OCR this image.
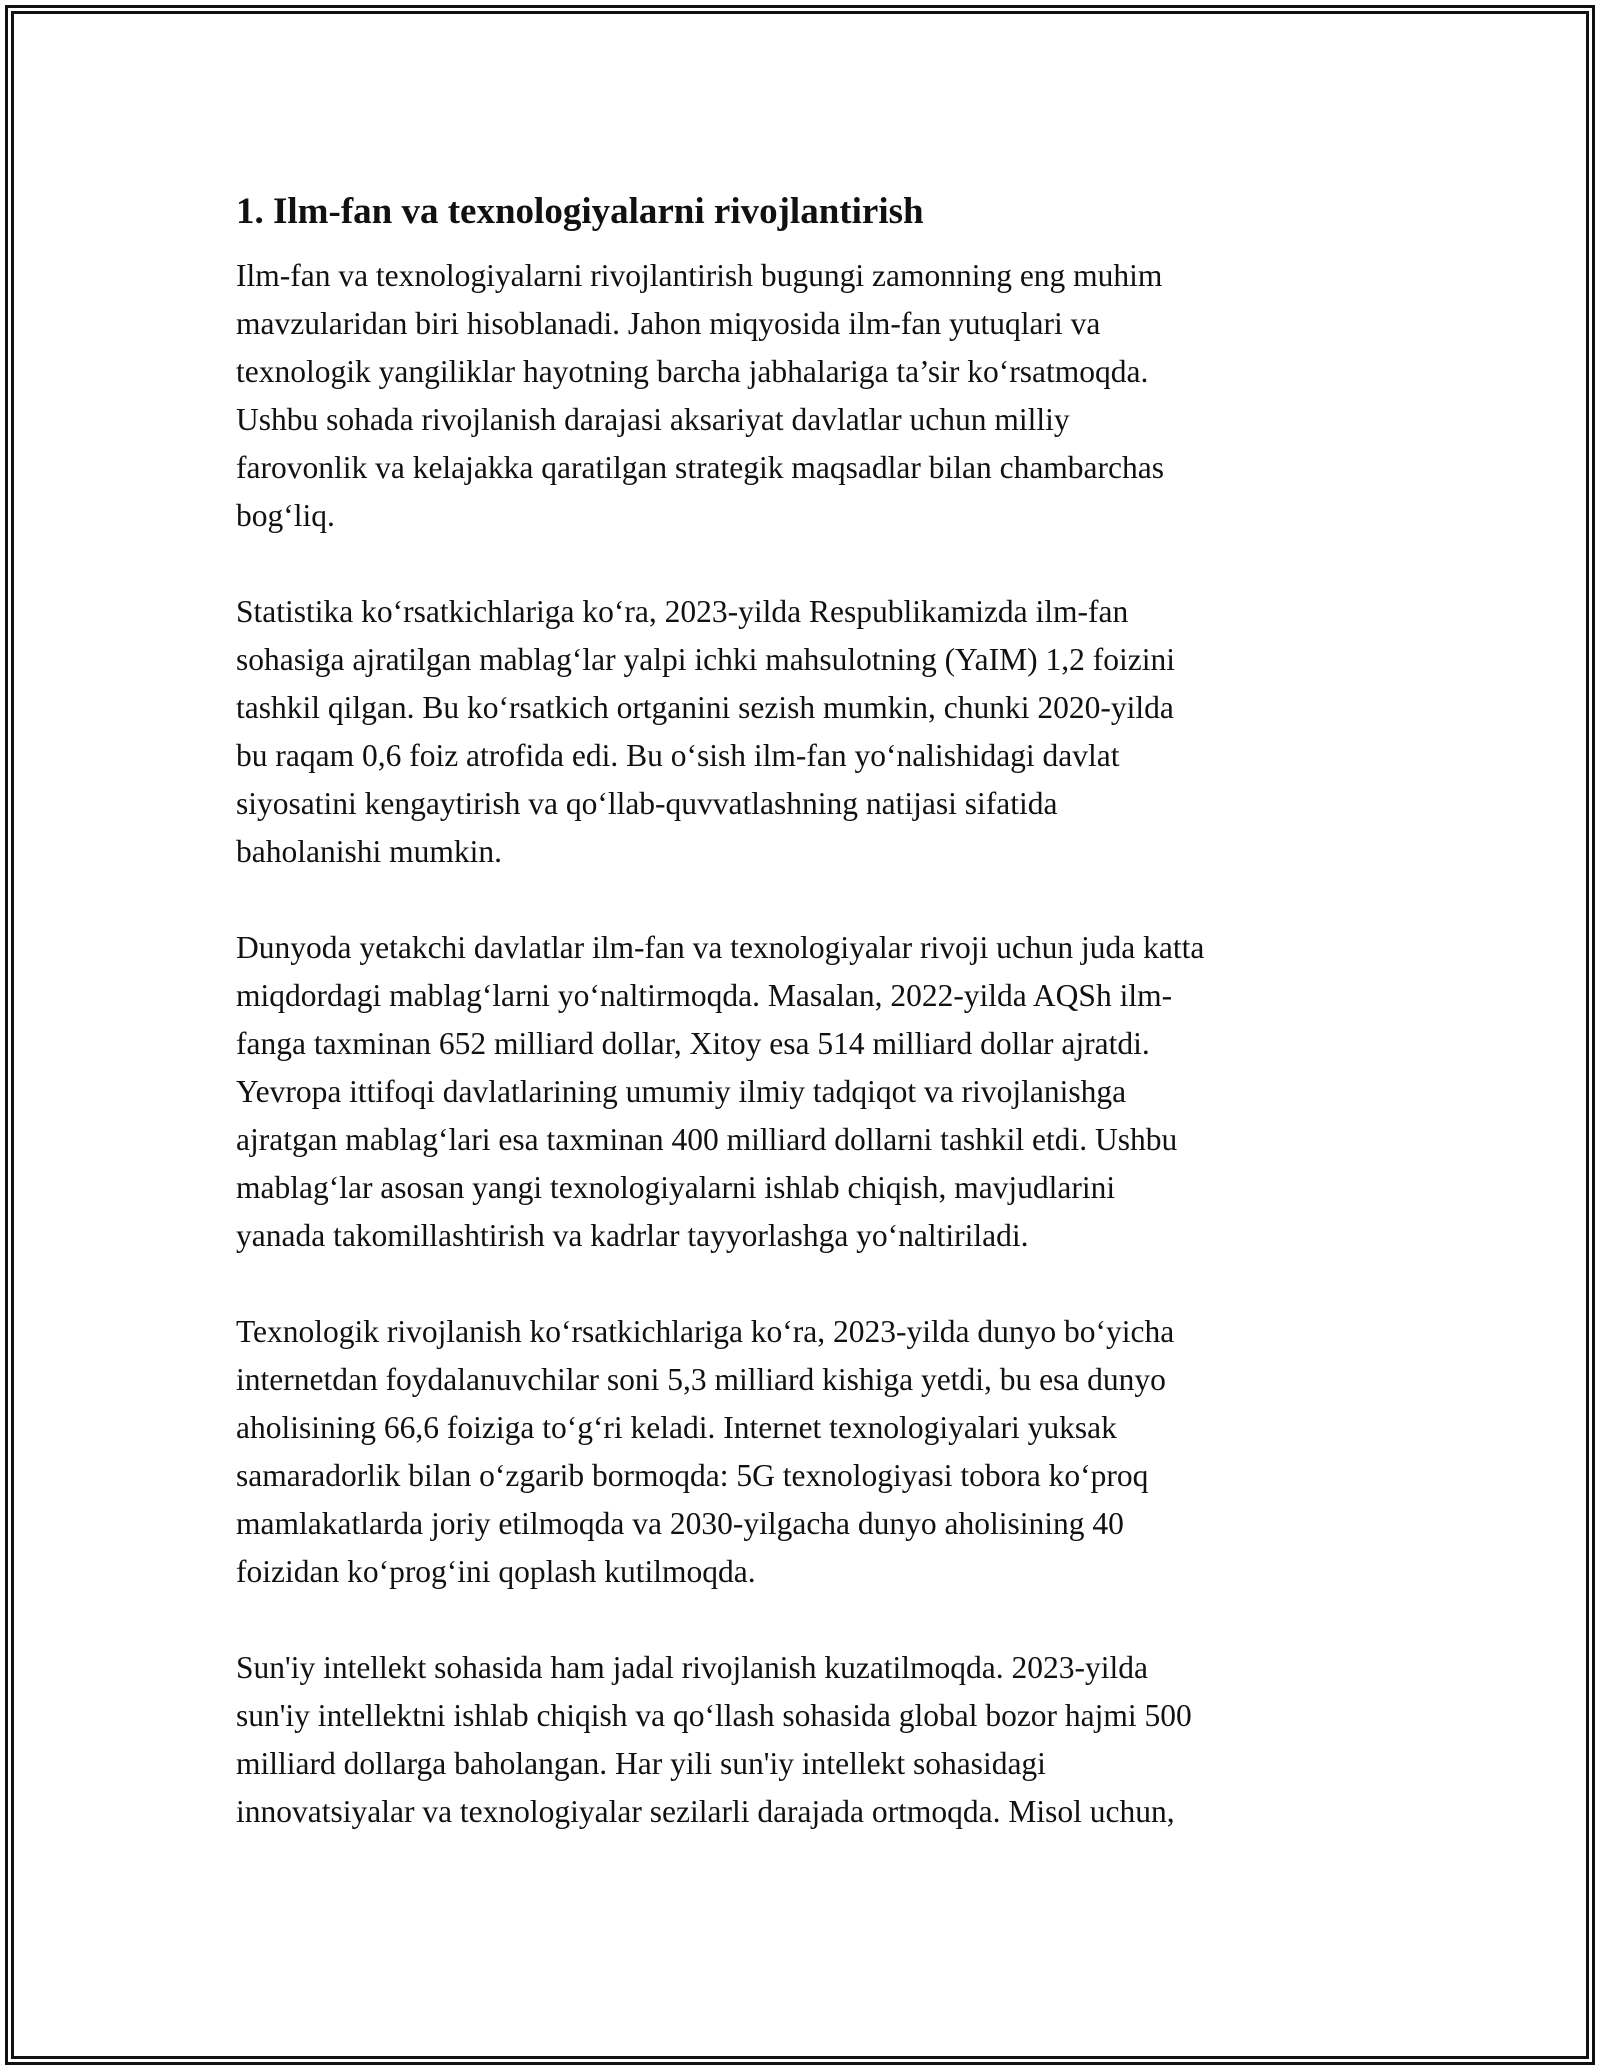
1. Ilm-fan va texnologiyalarni rivojlantirish

Ilm-fan va texnologiyalarni rivojlantirish bugungi zamonning eng muhim
mavzularidan biri hisoblanadi. Jahon miqyosida ilm-fan yutuqlari va
texnologik yangiliklar hayotning barcha jabhalariga ta’sir ko‘rsatmoqda.
Ushbu sohada rivojlanish darajasi aksariyat davlatlar uchun milliy
farovonlik va kelajakka qaratilgan strategik maqsadlar bilan chambarchas
bog‘liq.

Statistika ko‘rsatkichlariga ko‘ra, 2023-yilda Respublikamizda ilm-fan
sohasiga ajratilgan mablag‘lar yalpi ichki mahsulotning (YaIM) 1,2 foizini
tashkil qilgan. Bu ko‘rsatkich ortganini sezish mumkin, chunki 2020-yilda
bu raqam 0,6 foiz atrofida edi. Bu o‘sish ilm-fan yo‘nalishidagi davlat
siyosatini kengaytirish va qo‘llab-quvvatlashning natijasi sifatida
baholanishi mumkin.

Dunyoda yetakchi davlatlar ilm-fan va texnologiyalar rivoji uchun juda katta
miqdordagi mablag‘larni yo‘naltirmoqda. Masalan, 2022-yilda AQSh ilm-
fanga taxminan 652 milliard dollar, Xitoy esa 514 milliard dollar ajratdi.
Yevropa ittifoqi davlatlarining umumiy ilmiy tadqiqot va rivojlanishga
ajratgan mablag‘lari esa taxminan 400 milliard dollarni tashkil etdi. Ushbu
mablag‘lar asosan yangi texnologiyalarni ishlab chiqish, mavjudlarini
yanada takomillashtirish va kadrlar tayyorlashga yo‘naltiriladi.

Texnologik rivojlanish ko‘rsatkichlariga ko‘ra, 2023-yilda dunyo bo‘yicha
internetdan foydalanuvchilar soni 5,3 milliard kishiga yetdi, bu esa dunyo
aholisining 66,6 foiziga to‘g‘ri keladi. Internet texnologiyalari yuksak
samaradorlik bilan o‘zgarib bormoqda: 5G texnologiyasi tobora ko‘proq
mamlakatlarda joriy etilmoqda va 2030-yilgacha dunyo aholisining 40
foizidan ko‘prog‘ini qoplash kutilmoqda.

Sun'iy intellekt sohasida ham jadal rivojlanish kuzatilmoqda. 2023-yilda
sun'iy intellektni ishlab chiqish va qo‘llash sohasida global bozor hajmi 500
milliard dollarga baholangan. Har yili sun'iy intellekt sohasidagi
innovatsiyalar va texnologiyalar sezilarli darajada ortmoqda. Misol uchun,
